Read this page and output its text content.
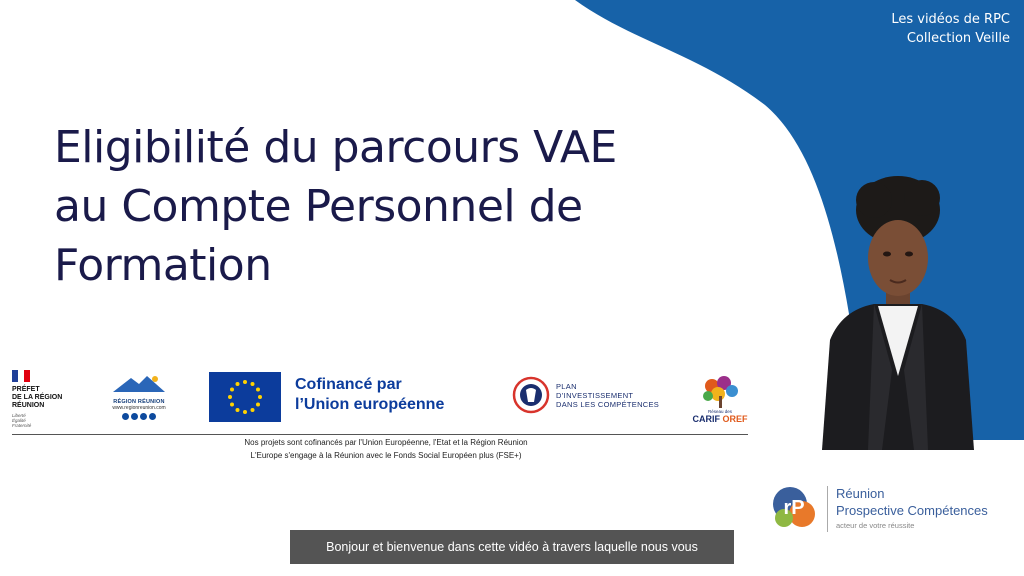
Les vidéos de RPC
Collection Veille
Eligibilité du parcours VAE
au Compte Personnel de
Formation
PRÉFET
DE LA RÉGION
RÉUNION
Liberté
Égalité
Fraternité
RÉGION RÉUNION
www.regionreunion.com
Cofinancé par
l’Union européenne
PLAN
D’INVESTISSEMENT
DANS LES COMPÉTENCES
Réseau des
CARIF OREF
Nos projets sont cofinancés par l'Union Européenne, l'Etat et la Région Réunion
L'Europe s'engage à la Réunion avec le Fonds Social Européen plus (FSE+)
rP
Réunion
Prospective Compétences
acteur de votre réussite
Bonjour et bienvenue dans cette vidéo à travers laquelle nous vous
